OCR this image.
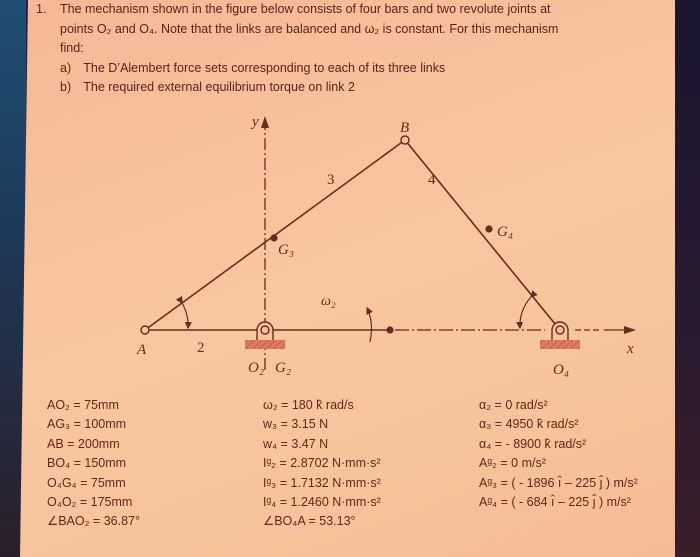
1. The mechanism shown in the figure below consists of four bars and two revolute joints at
points O₂ and O₄. Note that the links are balanced and ω₂ is constant. For this mechanism
find:
a) The D’Alembert force sets corresponding to each of its three links
b) The required external equilibrium torque on link 2
y
x
B
A
G₃
G₄
O₂ G₂	O₄
ω₂
2
3	4
AO₂ = 75mm
AG₃ = 100mm
AB = 200mm
BO₄ = 150mm
O₄G₄ = 75mm
O₄O₂ = 175mm
∠BAO₂ = 36.87°
ω₂ = 180 k̂ rad/s
w₃ = 3.15 N
w₄ = 3.47 N
Iᵍ₂ = 2.8702 N·mm·s²
Iᵍ₃ = 1.7132 N·mm·s²
Iᵍ₄ = 1.2460 N·mm·s²
∠BO₄A = 53.13°
α₂ = 0 rad/s²
α₃ = 4950 k̂ rad/s²
α₄ = - 8900 k̂ rad/s²
Aᵍ₂ = 0 m/s²
Aᵍ₃ = ( - 1896 ı̂ – 225 ȷ̂ ) m/s²
Aᵍ₄ = ( - 684 ı̂ – 225 ȷ̂ ) m/s²
